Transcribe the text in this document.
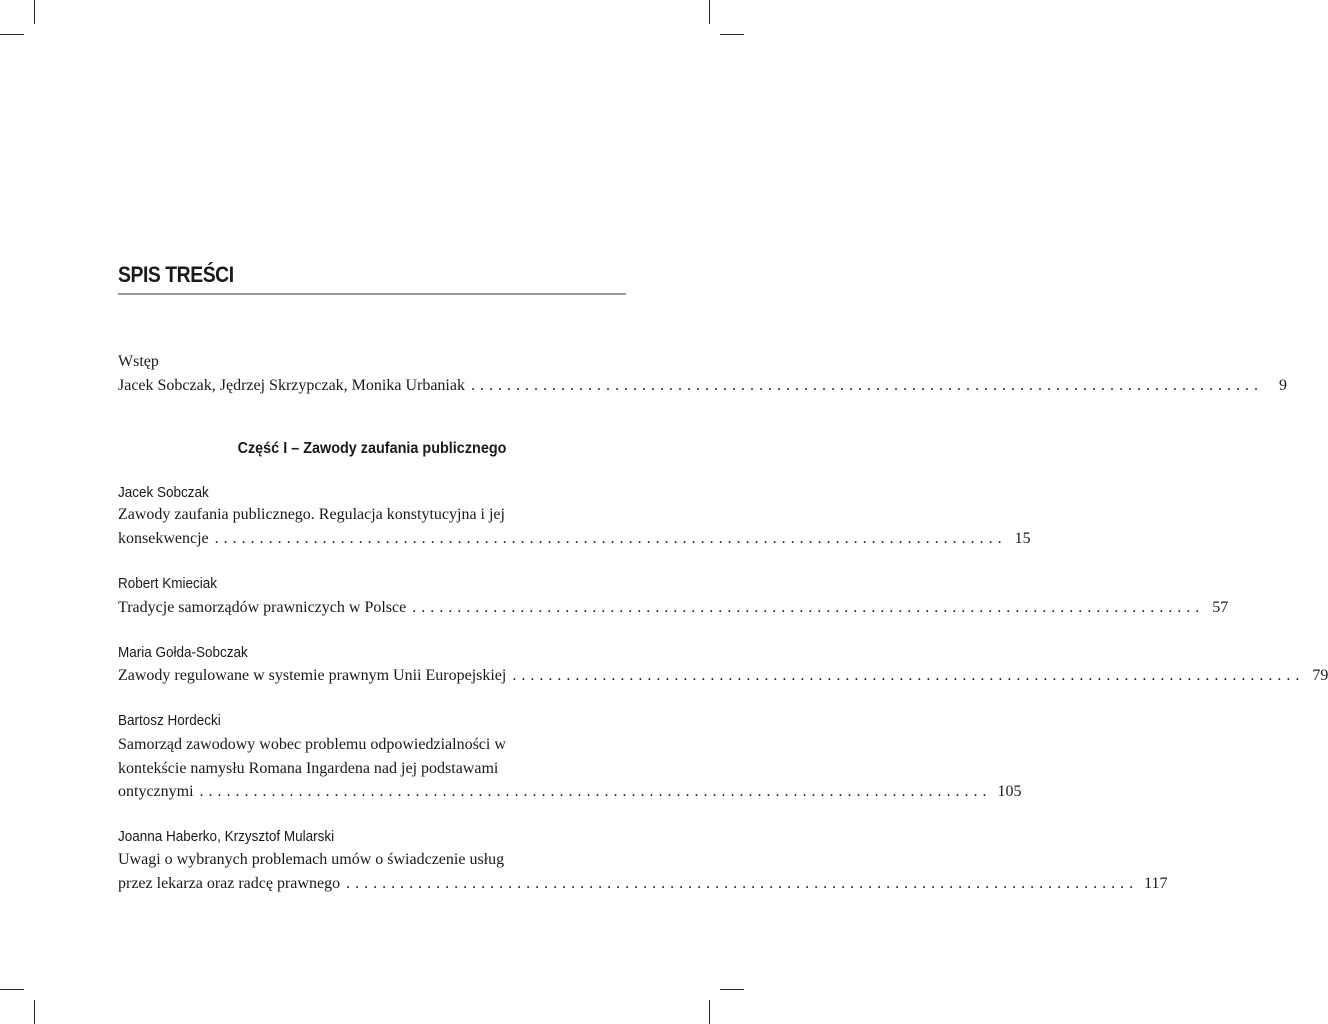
SPIS TREŚCI
Wstęp
Jacek Sobczak, Jędrzej Skrzypczak, Monika Urbaniak ........................................................................................	9
Część I – Zawody zaufania publicznego
Jacek Sobczak
Zawody zaufania publicznego. Regulacja konstytucyjna i jej
konsekwencje ........................................................................................ 15
Robert Kmieciak
Tradycje samorządów prawniczych w Polsce ........................................................................................ 57
Maria Gołda-Sobczak
Zawody regulowane w systemie prawnym Unii Europejskiej ........................................................................................ 79
Bartosz Hordecki
Samorząd zawodowy wobec problemu odpowiedzialności w
kontekście namysłu Romana Ingardena nad jej podstawami
ontycznymi ........................................................................................ 105
Joanna Haberko, Krzysztof Mularski
Uwagi o wybranych problemach umów o świadczenie usług
przez lekarza oraz radcę prawnego ........................................................................................ 117
